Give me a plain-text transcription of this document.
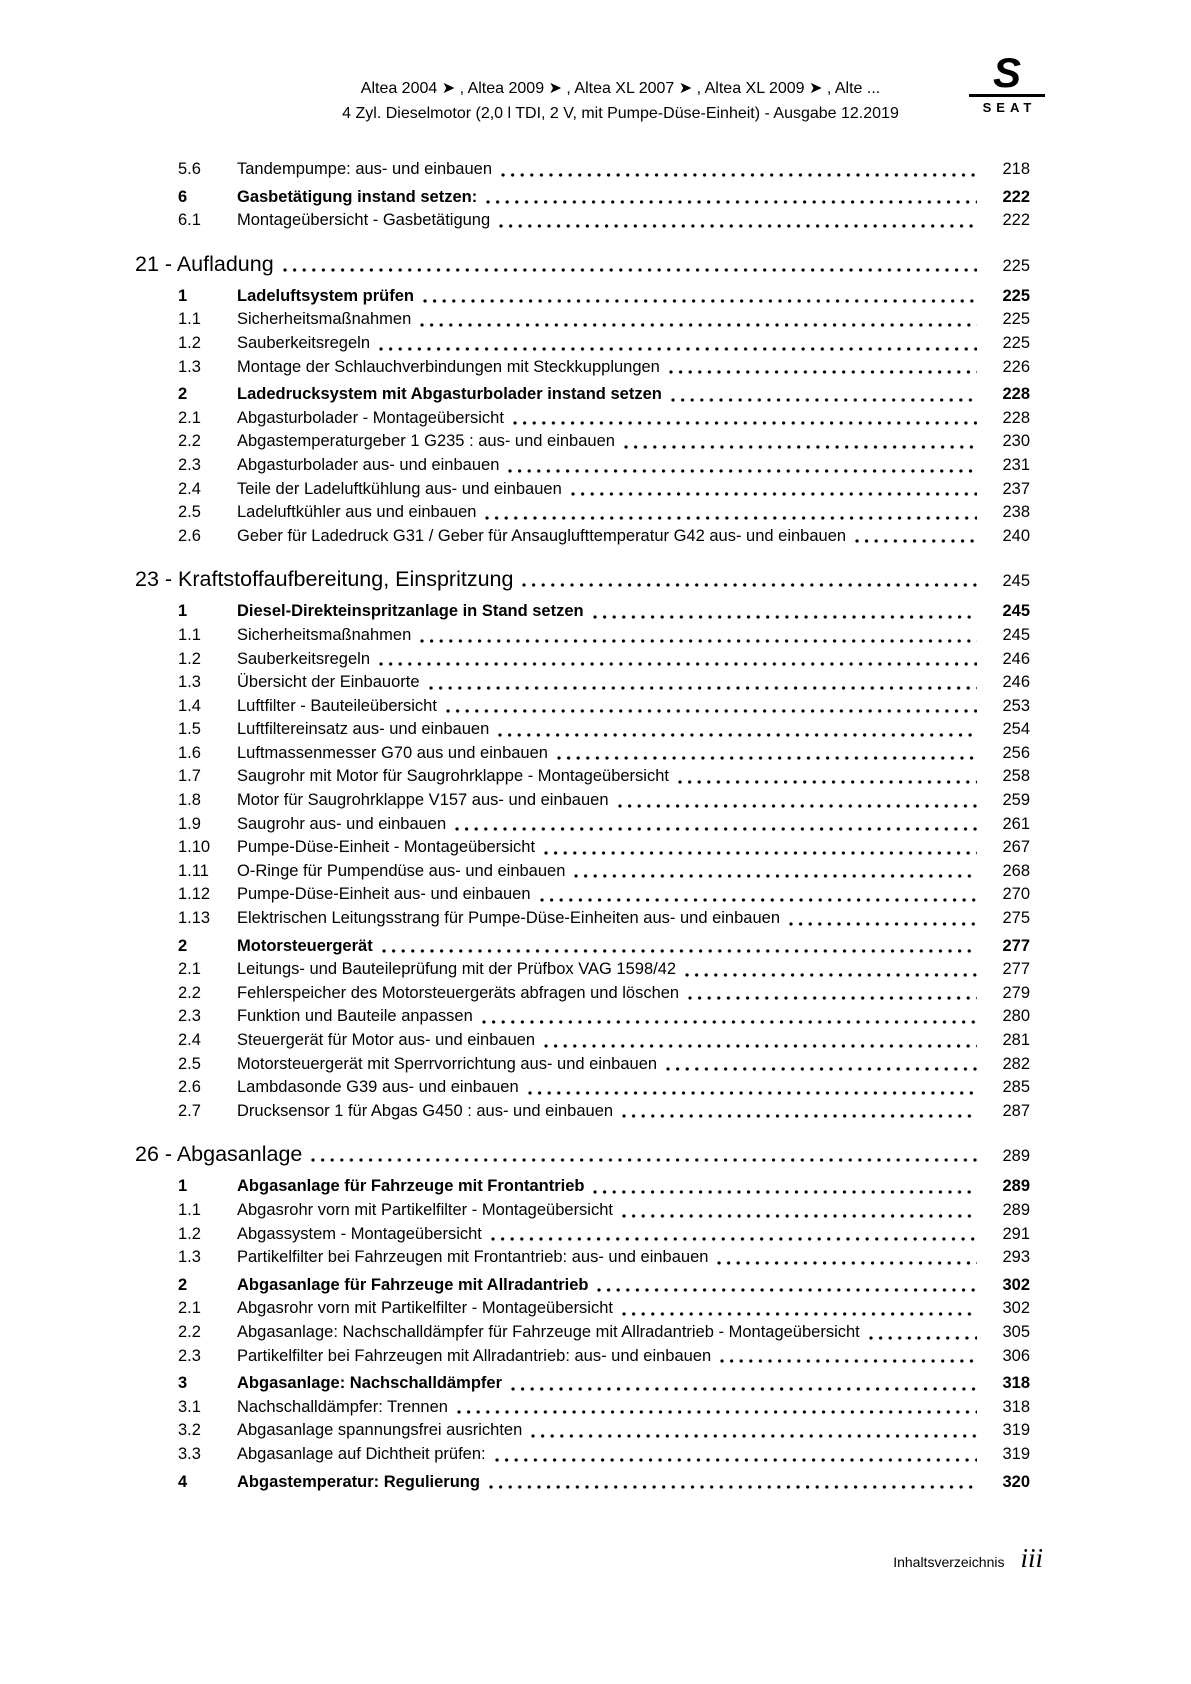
Altea 2004 ➤ , Altea 2009 ➤ , Altea XL 2007 ➤ , Altea XL 2009 ➤ , Alte ...
4 Zyl. Dieselmotor (2,0 l TDI, 2 V, mit Pumpe-Düse-Einheit) - Ausgabe 12.2019
S
SEAT
5.6	Tandempumpe: aus- und einbauen	218
6	Gasbetätigung instand setzen:	222
6.1	Montageübersicht - Gasbetätigung	222
21 - Aufladung	225
1	Ladeluftsystem prüfen	225
1.1	Sicherheitsmaßnahmen	225
1.2	Sauberkeitsregeln	225
1.3	Montage der Schlauchverbindungen mit Steckkupplungen	226
2	Ladedrucksystem mit Abgasturbolader instand setzen	228
2.1	Abgasturbolader - Montageübersicht	228
2.2	Abgastemperaturgeber 1 G235 : aus- und einbauen	230
2.3	Abgasturbolader aus- und einbauen	231
2.4	Teile der Ladeluftkühlung aus- und einbauen	237
2.5	Ladeluftkühler aus und einbauen	238
2.6	Geber für Ladedruck G31 / Geber für Ansauglufttemperatur G42 aus- und einbauen	240
23 - Kraftstoffaufbereitung, Einspritzung	245
1	Diesel-Direkteinspritzanlage in Stand setzen	245
1.1	Sicherheitsmaßnahmen	245
1.2	Sauberkeitsregeln	246
1.3	Übersicht der Einbauorte	246
1.4	Luftfilter - Bauteileübersicht	253
1.5	Luftfiltereinsatz aus- und einbauen	254
1.6	Luftmassenmesser G70 aus und einbauen	256
1.7	Saugrohr mit Motor für Saugrohrklappe - Montageübersicht	258
1.8	Motor für Saugrohrklappe V157 aus- und einbauen	259
1.9	Saugrohr aus- und einbauen	261
1.10	Pumpe-Düse-Einheit - Montageübersicht	267
1.11	O-Ringe für Pumpendüse aus- und einbauen	268
1.12	Pumpe-Düse-Einheit aus- und einbauen	270
1.13	Elektrischen Leitungsstrang für Pumpe-Düse-Einheiten aus- und einbauen	275
2	Motorsteuergerät	277
2.1	Leitungs- und Bauteileprüfung mit der Prüfbox VAG 1598/42	277
2.2	Fehlerspeicher des Motorsteuergeräts abfragen und löschen	279
2.3	Funktion und Bauteile anpassen	280
2.4	Steuergerät für Motor aus- und einbauen	281
2.5	Motorsteuergerät mit Sperrvorrichtung aus- und einbauen	282
2.6	Lambdasonde G39 aus- und einbauen	285
2.7	Drucksensor 1 für Abgas G450 : aus- und einbauen	287
26 - Abgasanlage	289
1	Abgasanlage für Fahrzeuge mit Frontantrieb	289
1.1	Abgasrohr vorn mit Partikelfilter - Montageübersicht	289
1.2	Abgassystem - Montageübersicht	291
1.3	Partikelfilter bei Fahrzeugen mit Frontantrieb: aus- und einbauen	293
2	Abgasanlage für Fahrzeuge mit Allradantrieb	302
2.1	Abgasrohr vorn mit Partikelfilter - Montageübersicht	302
2.2	Abgasanlage: Nachschalldämpfer für Fahrzeuge mit Allradantrieb - Montageübersicht	305
2.3	Partikelfilter bei Fahrzeugen mit Allradantrieb: aus- und einbauen	306
3	Abgasanlage: Nachschalldämpfer	318
3.1	Nachschalldämpfer: Trennen	318
3.2	Abgasanlage spannungsfrei ausrichten	319
3.3	Abgasanlage auf Dichtheit prüfen:	319
4	Abgastemperatur: Regulierung	320
Inhaltsverzeichnis iii
